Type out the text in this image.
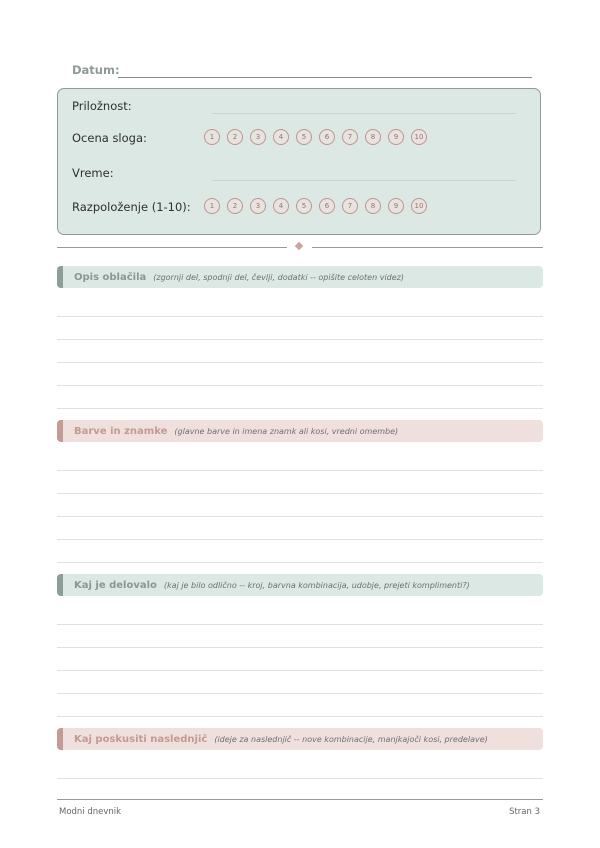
Datum:
Priložnost:
Ocena sloga:	1	2	3	4	5	6	7	8	9	10
Vreme:
Razpoloženje (1-10):	1	2	3	4	5	6	7	8	9	10
Opis oblačila (zgornji del, spodnji del, čevlji, dodatki -- opišite celoten videz)
Barve in znamke (glavne barve in imena znamk ali kosi, vredni omembe)
Kaj je delovalo (kaj je bilo odlično -- kroj, barvna kombinacija, udobje, prejeti komplimenti?)
Kaj poskusiti naslednjič (ideje za naslednjič -- nove kombinacije, manjkajoči kosi, predelave)
Modni dnevnik	Stran 3
